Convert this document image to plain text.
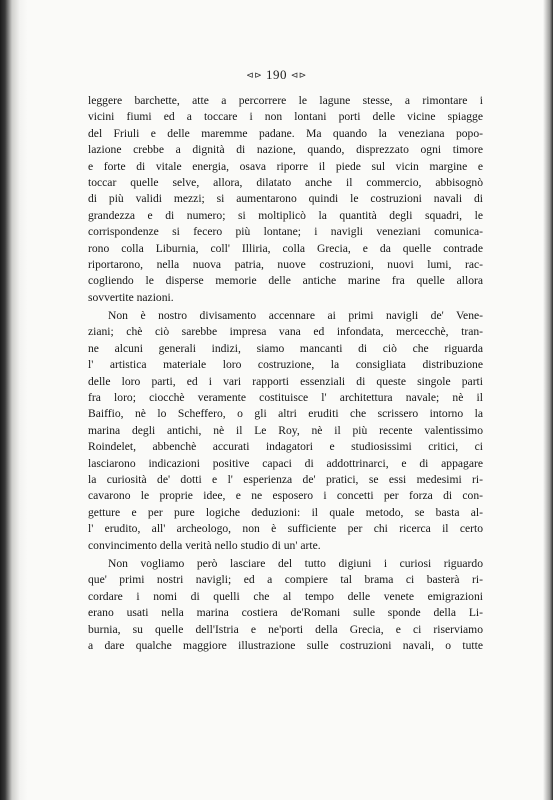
⊲⊳ 190 ⊲⊳
leggere barchette, atte a percorrere le lagune stesse, a rimontare i
vicini fiumi ed a toccare i non lontani porti delle vicine spiagge
del Friuli e delle maremme padane. Ma quando la veneziana popo-
lazione crebbe a dignità di nazione, quando, disprezzato ogni timore
e forte di vitale energia, osava riporre il piede sul vicin margine e
toccar quelle selve, allora, dilatato anche il commercio, abbisognò
di più validi mezzi; si aumentarono quindi le costruzioni navali di
grandezza e di numero; si moltiplicò la quantità degli squadri, le
corrispondenze si fecero più lontane; i navigli veneziani comunica-
rono colla Liburnia, coll' Illiria, colla Grecia, e da quelle contrade
riportarono, nella nuova patria, nuove costruzioni, nuovi lumi, rac-
cogliendo le disperse memorie delle antiche marine fra quelle allora
sovvertite nazioni.
Non è nostro divisamento accennare ai primi navigli de' Vene-
ziani; chè ciò sarebbe impresa vana ed infondata, mercecchè, tran-
ne alcuni generali indizi, siamo mancanti di ciò che riguarda
l' artistica materiale loro costruzione, la consigliata distribuzione
delle loro parti, ed i vari rapporti essenziali di queste singole parti
fra loro; ciocchè veramente costituisce l' architettura navale; nè il
Baiffio, nè lo Scheffero, o gli altri eruditi che scrissero intorno la
marina degli antichi, nè il Le Roy, nè il più recente valentissimo
Roindelet, abbenchè accurati indagatori e studiosissimi critici, ci
lasciarono indicazioni positive capaci di addottrinarci, e di appagare
la curiosità de' dotti e l' esperienza de' pratici, se essi medesimi ri-
cavarono le proprie idee, e ne esposero i concetti per forza di con-
getture e per pure logiche deduzioni: il quale metodo, se basta al-
l' erudito, all' archeologo, non è sufficiente per chi ricerca il certo
convincimento della verità nello studio di un' arte.
Non vogliamo però lasciare del tutto digiuni i curiosi riguardo
que' primi nostri navigli; ed a compiere tal brama ci basterà ri-
cordare i nomi di quelli che al tempo delle venete emigrazioni
erano usati nella marina costiera de'Romani sulle sponde della Li-
burnia, su quelle dell'Istria e ne'porti della Grecia, e ci riserviamo
a dare qualche maggiore illustrazione sulle costruzioni navali, o tutte
